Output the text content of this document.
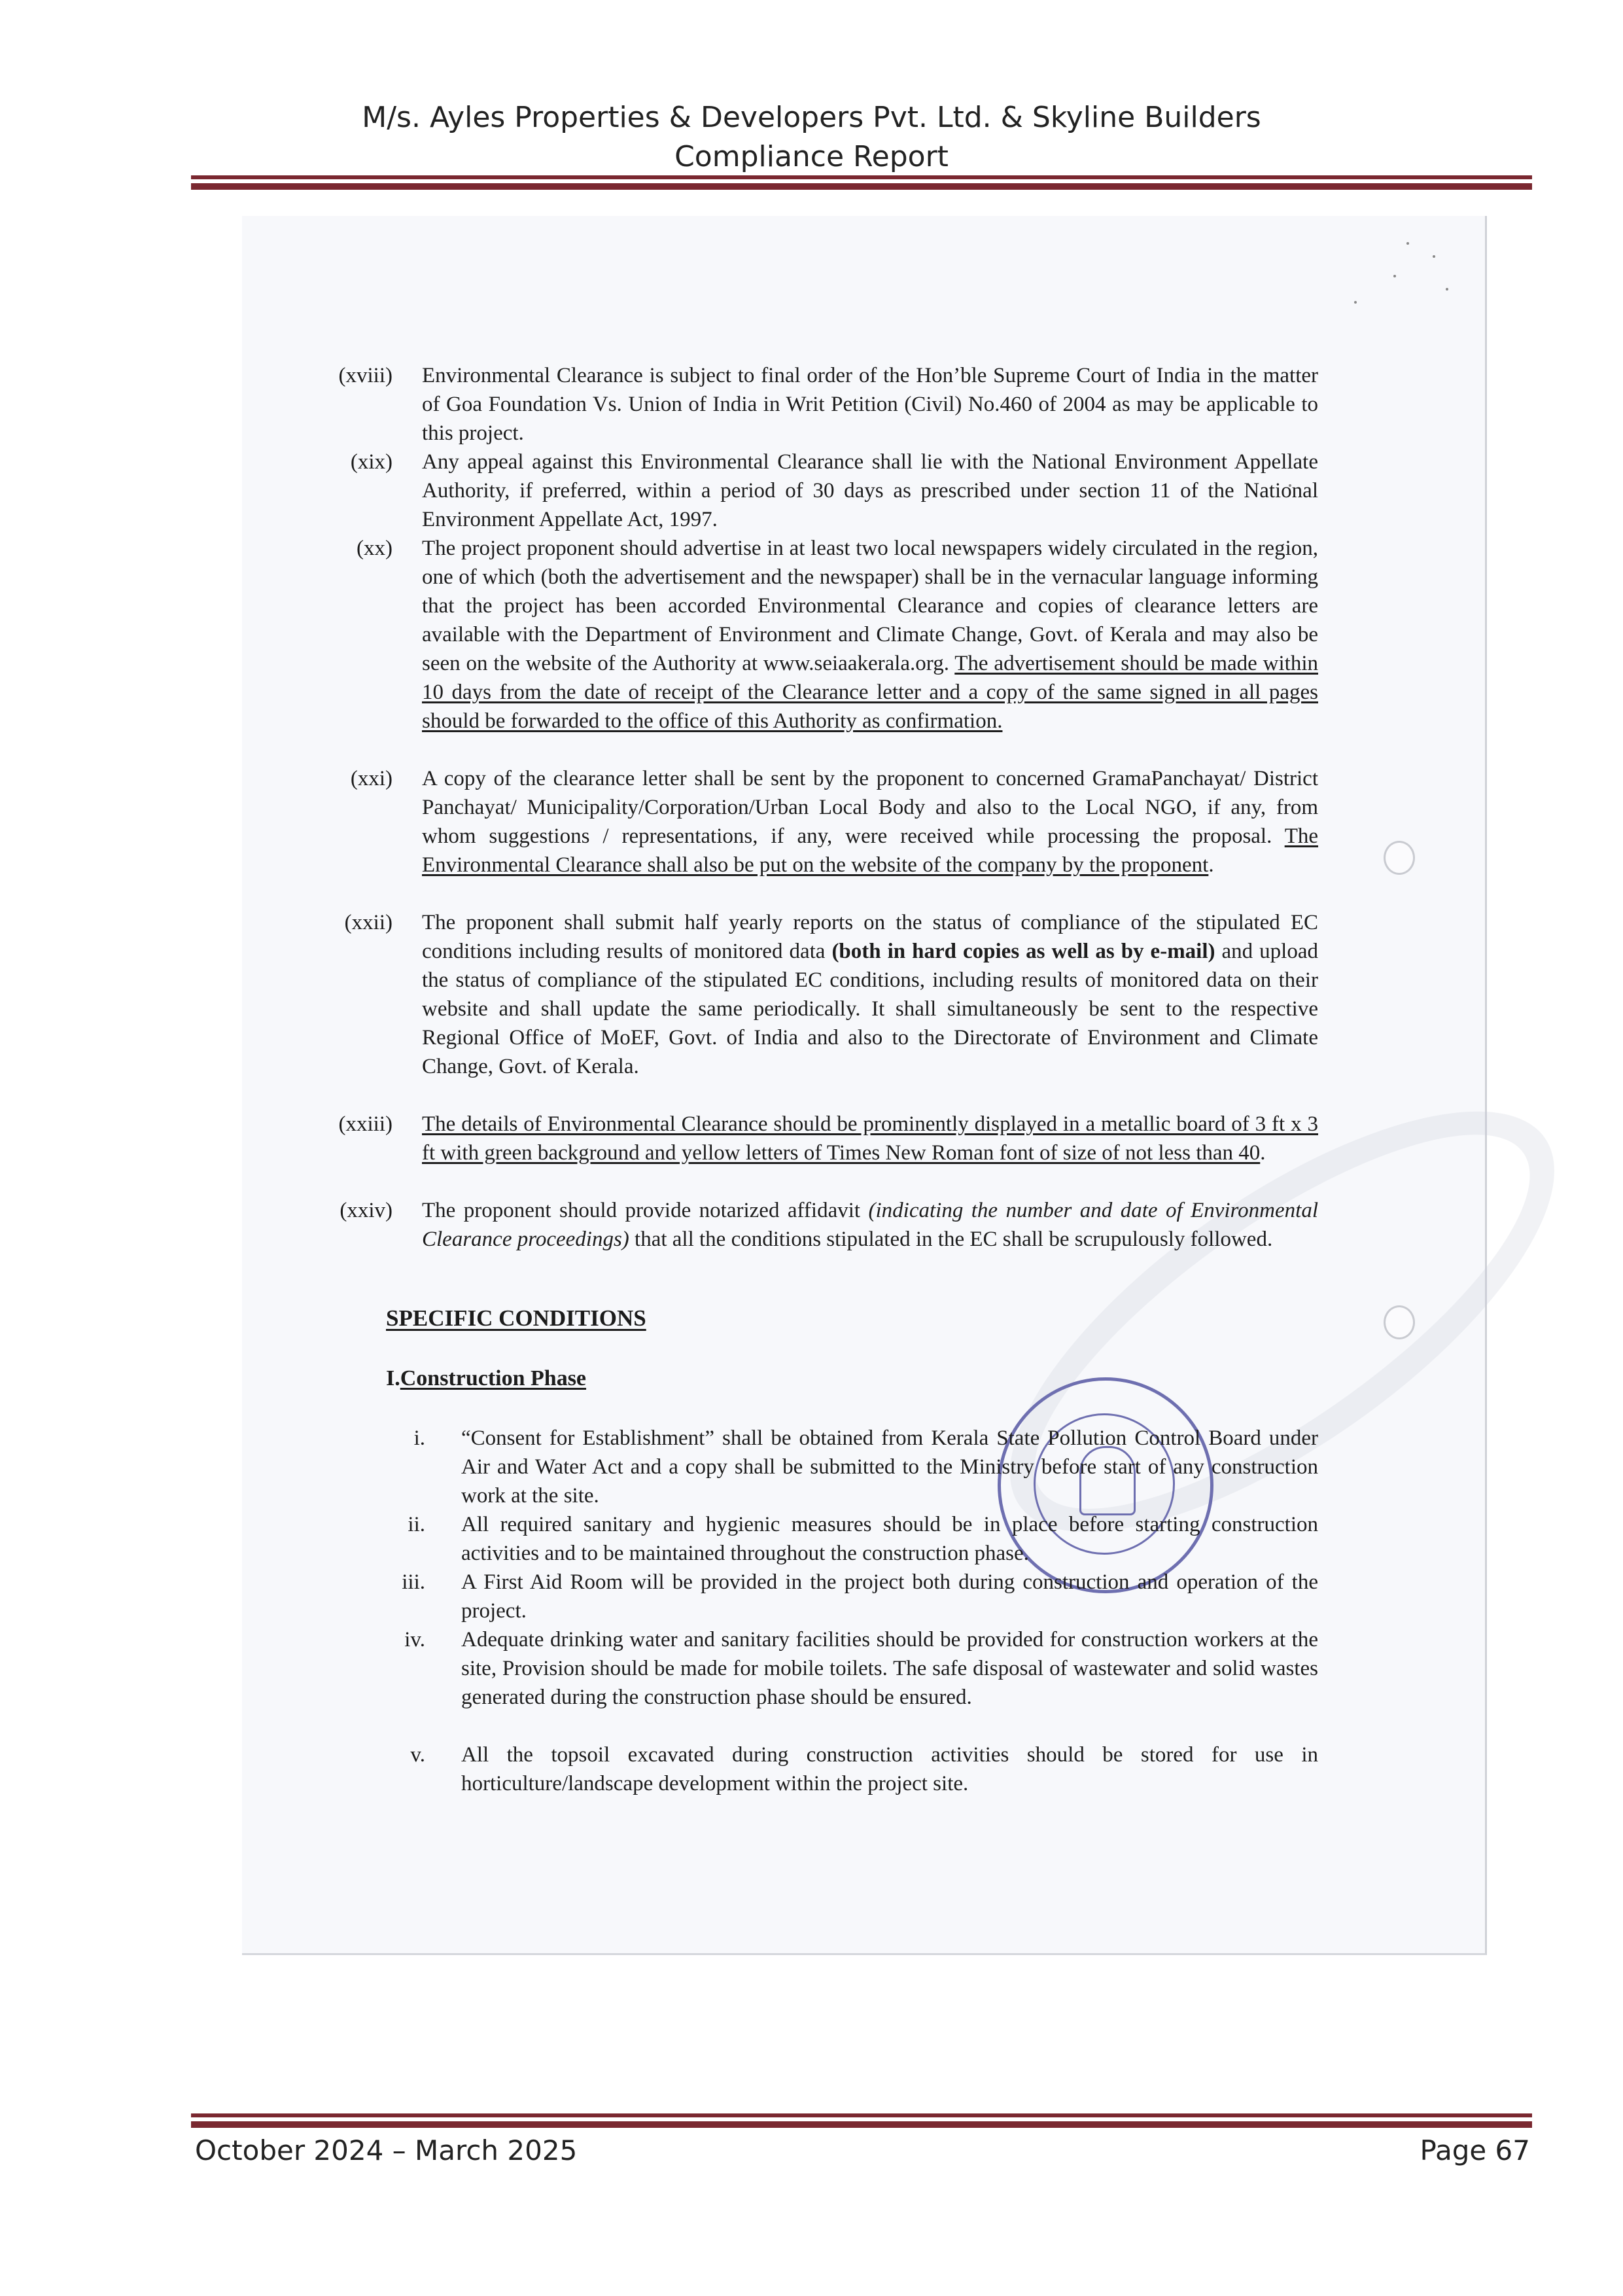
M/s. Ayles Properties & Developers Pvt. Ltd. & Skyline Builders
Compliance Report
(xviii) Environmental Clearance is subject to final order of the Hon’ble Supreme Court of India in the matter of Goa Foundation Vs. Union of India in Writ Petition (Civil) No.460 of 2004 as may be applicable to this project.
(xix) Any appeal against this Environmental Clearance shall lie with the National Environment Appellate Authority, if preferred, within a period of 30 days as prescribed under section 11 of the National Environment Appellate Act, 1997.
(xx) The project proponent should advertise in at least two local newspapers widely circulated in the region, one of which (both the advertisement and the newspaper) shall be in the vernacular language informing that the project has been accorded Environmental Clearance and copies of clearance letters are available with the Department of Environment and Climate Change, Govt. of Kerala and may also be seen on the website of the Authority at www.seiaakerala.org. The advertisement should be made within 10 days from the date of receipt of the Clearance letter and a copy of the same signed in all pages should be forwarded to the office of this Authority as confirmation.
(xxi) A copy of the clearance letter shall be sent by the proponent to concerned GramaPanchayat/ District Panchayat/ Municipality/Corporation/Urban Local Body and also to the Local NGO, if any, from whom suggestions / representations, if any, were received while processing the proposal. The Environmental Clearance shall also be put on the website of the company by the proponent.
(xxii) The proponent shall submit half yearly reports on the status of compliance of the stipulated EC conditions including results of monitored data (both in hard copies as well as by e-mail) and upload the status of compliance of the stipulated EC conditions, including results of monitored data on their website and shall update the same periodically. It shall simultaneously be sent to the respective Regional Office of MoEF, Govt. of India and also to the Directorate of Environment and Climate Change, Govt. of Kerala.
(xxiii) The details of Environmental Clearance should be prominently displayed in a metallic board of 3 ft x 3 ft with green background and yellow letters of Times New Roman font of size of not less than 40.
(xxiv) The proponent should provide notarized affidavit (indicating the number and date of Environmental Clearance proceedings) that all the conditions stipulated in the EC shall be scrupulously followed.
SPECIFIC CONDITIONS
I.Construction Phase
i. “Consent for Establishment” shall be obtained from Kerala State Pollution Control Board under Air and Water Act and a copy shall be submitted to the Ministry before start of any construction work at the site.
ii. All required sanitary and hygienic measures should be in place before starting construction activities and to be maintained throughout the construction phase.
iii. A First Aid Room will be provided in the project both during construction and operation of the project.
iv. Adequate drinking water and sanitary facilities should be provided for construction workers at the site, Provision should be made for mobile toilets. The safe disposal of wastewater and solid wastes generated during the construction phase should be ensured.
v. All the topsoil excavated during construction activities should be stored for use in horticulture/landscape development within the project site.
October 2024 – March 2025	Page 67
